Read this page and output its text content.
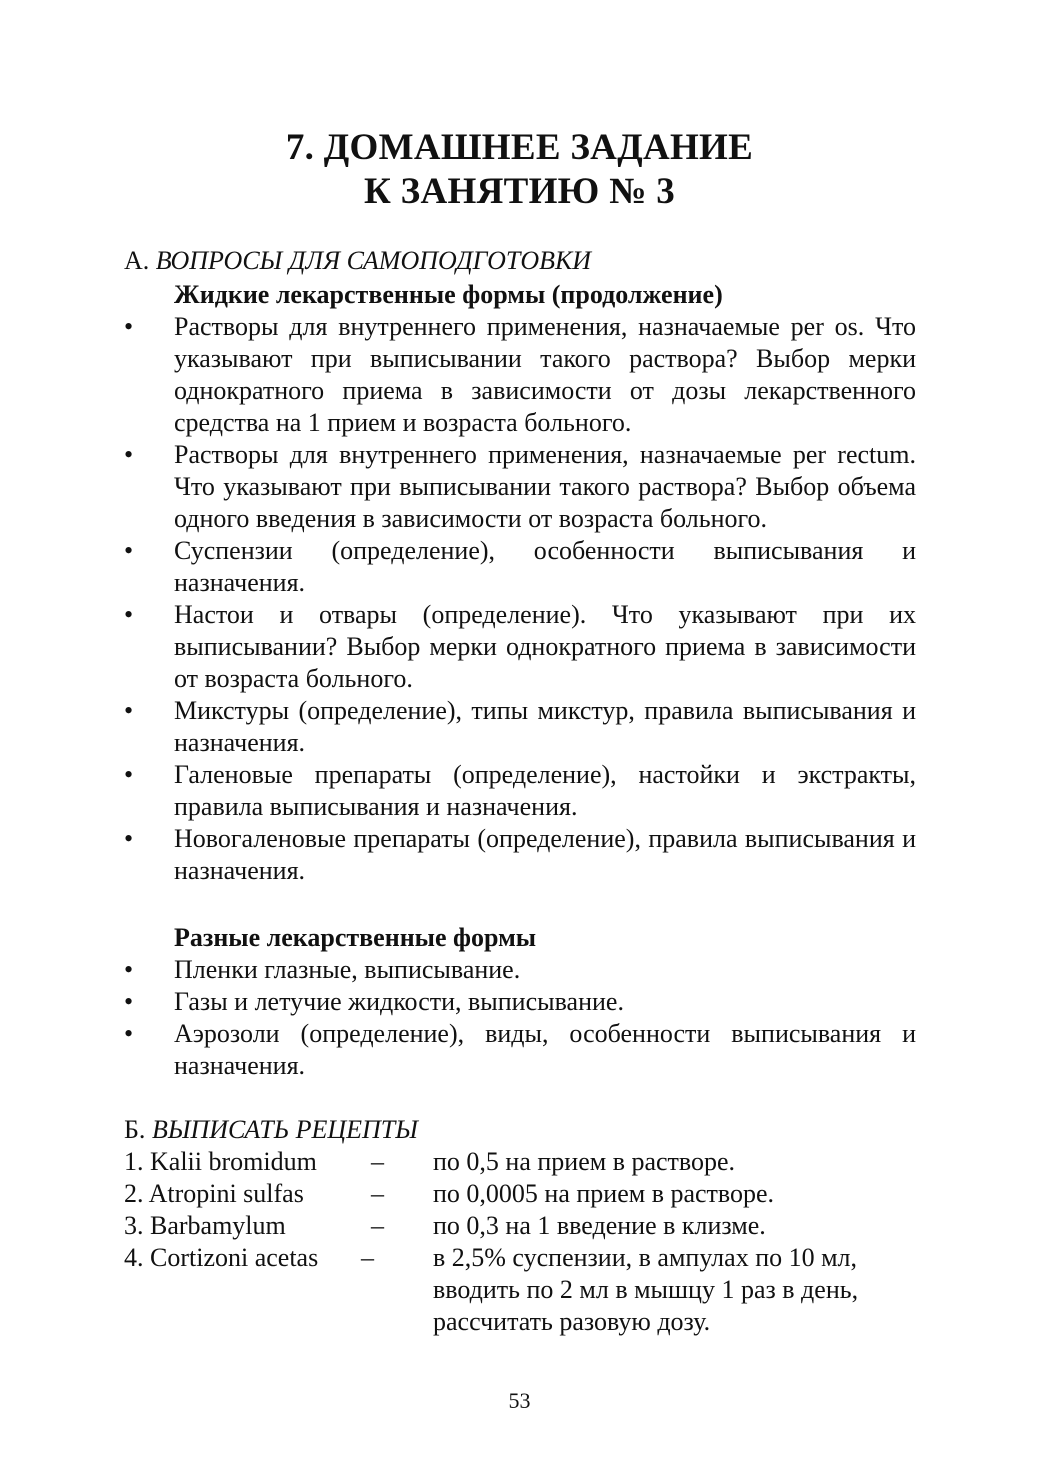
7. ДОМАШНЕЕ ЗАДАНИЕ
К ЗАНЯТИЮ № 3
А. ВОПРОСЫ ДЛЯ САМОПОДГОТОВКИ
Жидкие лекарственные формы (продолжение)
•	Растворы для внутреннего применения, назначаемые per os. Что указывают при выписывании такого раствора? Выбор мерки однократного приема в зависимости от дозы лекарственного средства на 1 прием и возраста больного.
•	Растворы для внутреннего применения, назначаемые per rectum. Что указывают при выписывании такого раствора? Выбор объема одного введения в зависимости от возраста больного.
•	Суспензии (определение), особенности выписывания и назначения.
•	Настои и отвары (определение). Что указывают при их выписывании? Выбор мерки однократного приема в зависимости от возраста больного.
•	Микстуры (определение), типы микстур, правила выписывания и назначения.
•	Галеновые препараты (определение), настойки и экстракты, правила выписывания и назначения.
•	Новогаленовые препараты (определение), правила выписывания и назначения.
Разные лекарственные формы
•	Пленки глазные, выписывание.
•	Газы и летучие жидкости, выписывание.
•	Аэрозоли (определение), виды, особенности выписывания и назначения.
Б. ВЫПИСАТЬ РЕЦЕПТЫ
1. Kalii bromidum – по 0,5 на прием в растворе.
2. Atropini sulfas	– по 0,0005 на прием в растворе.
3. Barbamylum	– по 0,3 на 1 введение в клизме.
4. Cortizoni acetas – в 2,5% суспензии, в ампулах по 10 мл,
вводить по 2 мл в мышцу 1 раз в день,
рассчитать разовую дозу.
53
